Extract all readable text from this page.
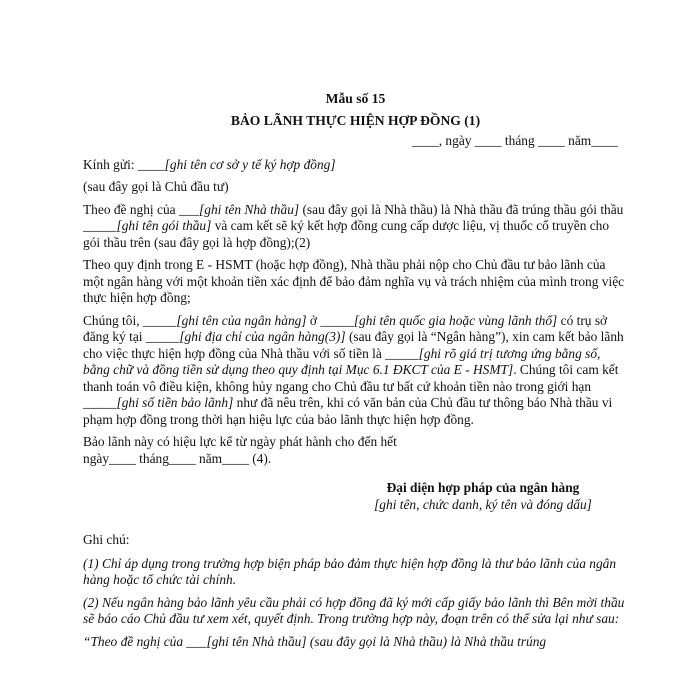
Mẫu số 15
BẢO LÃNH THỰC HIỆN HỢP ĐỒNG (1)
____, ngày ____ tháng ____ năm____

Kính gửi: ____[ghi tên cơ sở y tế ký hợp đồng]

(sau đây gọi là Chủ đầu tư)

Theo đề nghị của ___[ghi tên Nhà thầu] (sau đây gọi là Nhà thầu) là Nhà thầu đã trúng thầu gói thầu _____[ghi tên gói thầu] và cam kết sẽ ký kết hợp đồng cung cấp dược liệu, vị thuốc cổ truyền cho gói thầu trên (sau đây gọi là hợp đồng);(2)

Theo quy định trong E - HSMT (hoặc hợp đồng), Nhà thầu phải nộp cho Chủ đầu tư bảo lãnh của một ngân hàng với một khoản tiền xác định để bảo đảm nghĩa vụ và trách nhiệm của mình trong việc thực hiện hợp đồng;

Chúng tôi, _____[ghi tên của ngân hàng] ở _____[ghi tên quốc gia hoặc vùng lãnh thổ] có trụ sở đăng ký tại _____[ghi địa chỉ của ngân hàng(3)] (sau đây gọi là “Ngân hàng”), xin cam kết bảo lãnh cho việc thực hiện hợp đồng của Nhà thầu với số tiền là _____[ghi rõ giá trị tương ứng bằng số, bằng chữ và đồng tiền sử dụng theo quy định tại Mục 6.1 ĐKCT của E - HSMT]. Chúng tôi cam kết thanh toán vô điều kiện, không hủy ngang cho Chủ đầu tư bất cứ khoản tiền nào trong giới hạn _____[ghi số tiền bảo lãnh] như đã nêu trên, khi có văn bản của Chủ đầu tư thông báo Nhà thầu vi phạm hợp đồng trong thời hạn hiệu lực của bảo lãnh thực hiện hợp đồng.

Bảo lãnh này có hiệu lực kể từ ngày phát hành cho đến hết
ngày____ tháng____ năm____ (4).

Đại diện hợp pháp của ngân hàng
[ghi tên, chức danh, ký tên và đóng dấu]
Ghi chú:

(1) Chỉ áp dụng trong trường hợp biện pháp bảo đảm thực hiện hợp đồng là thư bảo lãnh của ngân hàng hoặc tổ chức tài chính.

(2) Nếu ngân hàng bảo lãnh yêu cầu phải có hợp đồng đã ký mới cấp giấy bảo lãnh thì Bên mời thầu sẽ báo cáo Chủ đầu tư xem xét, quyết định. Trong trường hợp này, đoạn trên có thể sửa lại như sau:

“Theo đề nghị của ___[ghi tên Nhà thầu] (sau đây gọi là Nhà thầu) là Nhà thầu trúng
